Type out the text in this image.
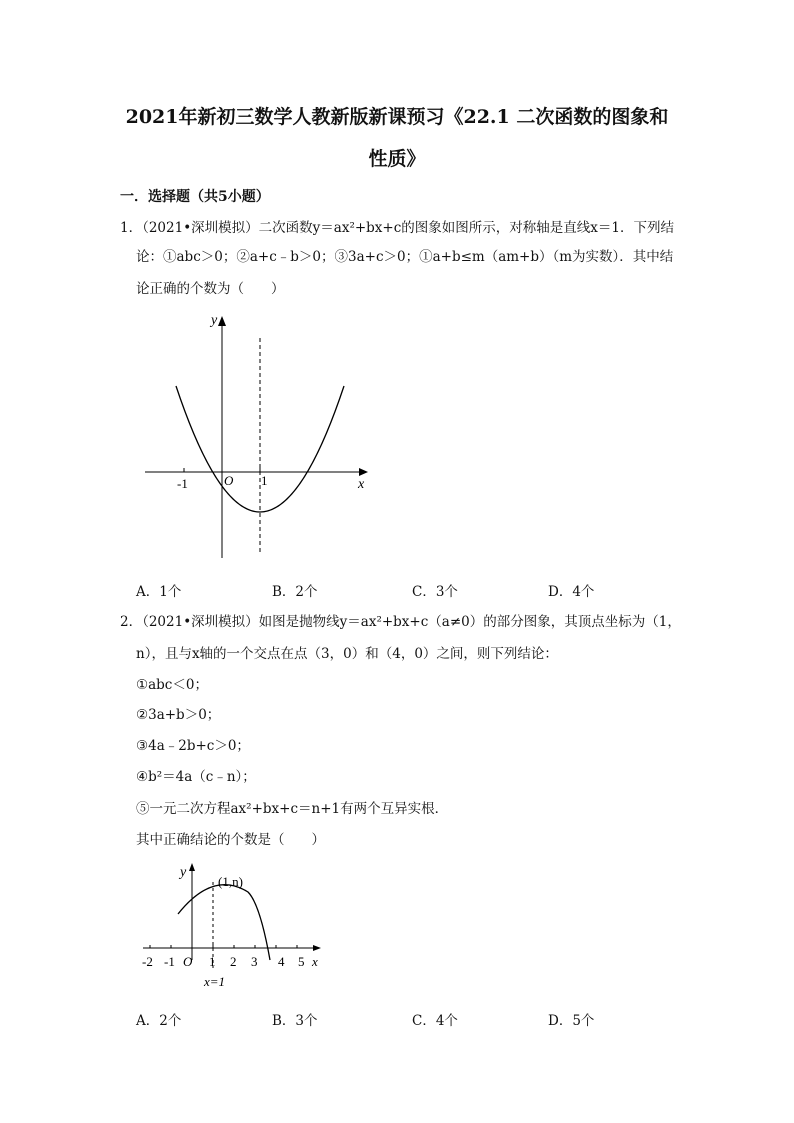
2021年新初三数学人教新版新课预习《22.1 二次函数的图象和
性质》
一．选择题（共5小题）
1．（2021•深圳模拟）二次函数y＝ax²+bx+c的图象如图所示，对称轴是直线x＝1．下列结
论：①abc＞0；②a+c﹣b＞0；③3a+c＞0；①a+b≤m（am+b）（m为实数）．其中结
论正确的个数为（　　）
y
x
O
-1	1
A．1个	B．2个	C．3个	D．4个
2．（2021•深圳模拟）如图是抛物线y＝ax²+bx+c（a≠0）的部分图象，其顶点坐标为（1，
n），且与x轴的一个交点在点（3，0）和（4，0）之间，则下列结论：
①abc＜0；
②3a+b＞0；
③4a﹣2b+c＞0；
④b²＝4a（c﹣n）；
⑤一元二次方程ax²+bx+c＝n+1有两个互异实根．
其中正确结论的个数是（　　）
y
(1,n)
x
O
-2 -1	1 2 3 4 5
x=1
A．2个	B．3个	C．4个	D．5个
